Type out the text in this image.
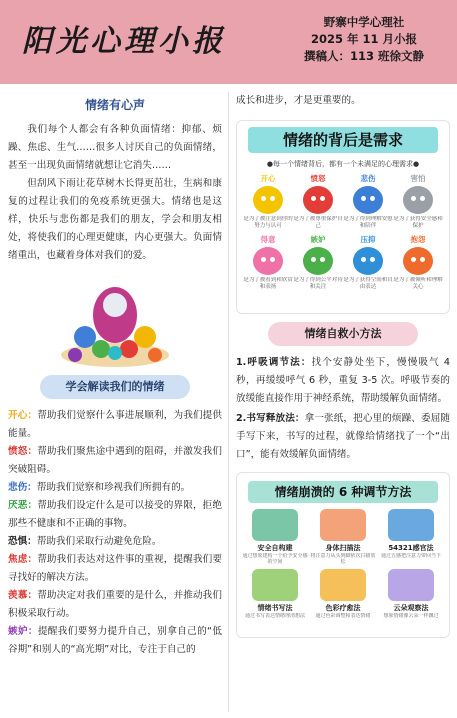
阳光心理小报
野寨中学心理社
2025 年 11 月小报
撰稿人：113 班徐文静
情绪有心声

我们每个人都会有各种负面情绪：抑郁、烦躁、焦虑、生气……很多人讨厌自己的负面情绪，甚至一出现负面情绪就想让它消失……

但刮风下雨让花草树木长得更茁壮，生病和康复的过程让我们的免疫系统更强大。情绪也是这样，快乐与悲伤都是我们的朋友，学会和朋友相处，将使我们的心理更健康，内心更强大。负面情绪重出，也藏着身体对我们的爱。

学会解读我们的情绪

开心：帮助我们觉察什么事进展顺利，为我们提供能量。

愤怒：帮助我们聚焦途中遇到的阻碍，并激发我们突破阻碍。

悲伤：帮助我们觉察和珍视我们所拥有的。

厌恶：帮助我们设定什么是可以接受的界限，拒绝那些不健康和不正确的事物。

恐惧：帮助我们采取行动避免危险。

焦虑：帮助我们表达对这件事的重视，提醒我们要寻找好的解决方法。

羡慕：帮助决定对我们重要的是什么，并推动我们积极采取行动。

嫉妒：提醒我们要努力提升自己，别拿自己的“低谷期”和别人的“高光期”对比，专注于自己的

成长和进步，才是更重要的。

情绪的背后是需求
●每一个情绪背后，都有一个未满足的心理需求●
开心
是为了被注意到你的努力与认可
愤怒
是为了被尊重保护自己
悲伤
是为了得到理解安慰和陪伴
害怕
是为了获得安全感和保护
得意
是为了被看到和欣赏和表扬
嫉妒
是为了得到公平对待和关注
压抑
是为了获得空间和自由表达
抱怨
是为了被倾听和理解关心
情绪自救小方法

1.呼吸调节法：找个安静处坐下，慢慢吸气 4 秒，再缓缓呼气 6 秒，重复 3-5 次。呼吸节奏的放缓能直接作用于神经系统，帮助缓解负面情绪。

2.书写释放法：拿一张纸，把心里的烦躁、委屈随手写下来，书写的过程，就像给情绪找了一个“出口”，能有效缓解负面情绪。

情绪崩溃的 6 种调节方法
安全自构建
通过想象建构一个给予安全感的空间
身体扫描法
将注意力从头到脚依次扫描放松
54321感官法
通过五感把注意力带回当下
情绪书写法
通过书写表达情绪理清想法
色彩疗愈法
通过色彩调整和表达情绪
云朵观察法
想象情绪像云朵一样飘过
